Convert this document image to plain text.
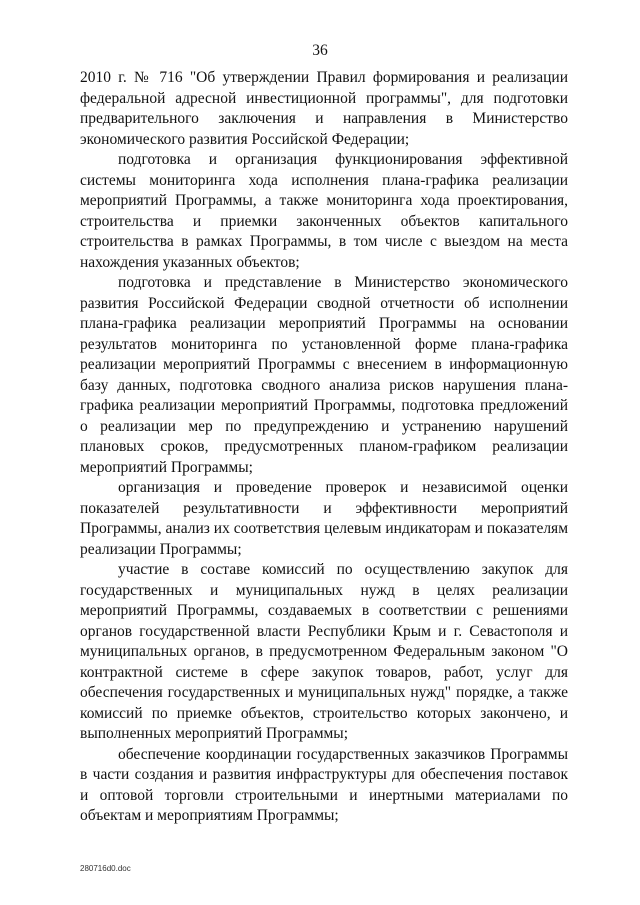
36

2010 г. № 716 "Об утверждении Правил формирования и реализации федеральной адресной инвестиционной программы", для подготовки предварительного заключения и направления в Министерство экономического развития Российской Федерации;

подготовка и организация функционирования эффективной системы мониторинга хода исполнения плана-графика реализации мероприятий Программы, а также мониторинга хода проектирования, строительства и приемки законченных объектов капитального строительства в рамках Программы, в том числе с выездом на места нахождения указанных объектов;

подготовка и представление в Министерство экономического развития Российской Федерации сводной отчетности об исполнении плана-графика реализации мероприятий Программы на основании результатов мониторинга по установленной форме плана-графика реализации мероприятий Программы с внесением в информационную базу данных, подготовка сводного анализа рисков нарушения плана-графика реализации мероприятий Программы, подготовка предложений о реализации мер по предупреждению и устранению нарушений плановых сроков, предусмотренных планом-графиком реализации мероприятий Программы;

организация и проведение проверок и независимой оценки показателей результативности и эффективности мероприятий Программы, анализ их соответствия целевым индикаторам и показателям реализации Программы;

участие в составе комиссий по осуществлению закупок для государственных и муниципальных нужд в целях реализации мероприятий Программы, создаваемых в соответствии с решениями органов государственной власти Республики Крым и г. Севастополя и муниципальных органов, в предусмотренном Федеральным законом "О контрактной системе в сфере закупок товаров, работ, услуг для обеспечения государственных и муниципальных нужд" порядке, а также комиссий по приемке объектов, строительство которых закончено, и выполненных мероприятий Программы;

обеспечение координации государственных заказчиков Программы в части создания и развития инфраструктуры для обеспечения поставок и оптовой торговли строительными и инертными материалами по объектам и мероприятиям Программы;

280716d0.doc
